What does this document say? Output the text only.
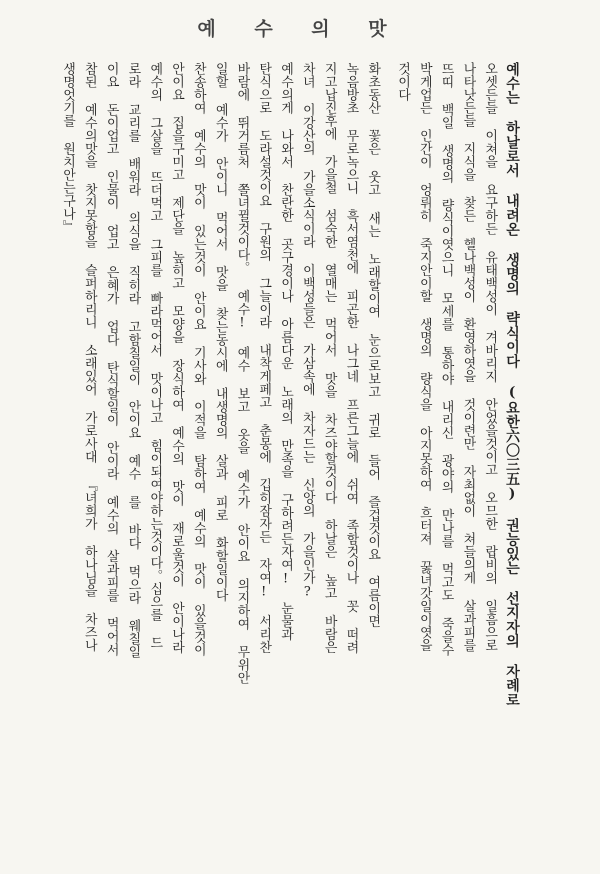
예 수 의 맛
예수는 하날로서 내려온 생명의 략식이다 (요한六〇三五) 권능있는 선지자의 자례로
오셋든들 이쳐을 요구하든 유태백성이 겨바리지 안었을것이고 오므한 랍비의 일흠으로
나타낫든들 지식을 찾든 헬나백성이 환영하엿을 것이련만 자최없이 쳐들의게 살과피를
뜨띠 백일 생명의 량식이엿으니 모세를 통하야 내리신 광야의 만나를 먹고도 죽을수
박게업든 인간이 엉뤼히 죽지안이할 생명의 량식을 아지못하여 흐터져 꿇녀갓일이엿을
것이다
화초동산 꽃은 웃고 새는 노래할이여 눈으로보고 귀로 들어 즐겁것이요 여름이면
녹음방초 무로녹으니 흑서염천에 피곤한 나그네 프른그늘에 쉬여 족함것이나 꼿 떠려
지고납진후에 가을철 섬숙한 열매는 먹어서 맛을 차즈야할것이다 하날은 높고 바람은
차녀 이강산의 가을소식이라 이백성들은 가삼속에 차자드는 신앙의 가을인가?
예수의게 나와서 찬란한 곳구경이나 아름다운 노래의 만족을 구하려든자여! 눈물과
탄식으로 도라설것이요 구원의 그늘이라 내착게페고 춘몽에 깁히잠자든 자여! 서리찬
바람에 뛰거름처 쫄녀뀔것이다。 예수! 예수 보고 옷을 예수가 안이요 의지하여 무위안
일할 예수가 안이니 먹어서 맛을 찾는동시에 내생명의 살과 피로 화할일이다
찬송하여 예수의 맛이 있는것이 안이요 기사와 이적을 탐하여 예수의 맛이 있을것이
안이요 집을구미고 제단을 높히고 모양을 장식하여 예수의 맛이 재로울것이 안이나라
예수의 그살을 뜨더먹고 그피를 빠라먹어서 맛이나고 힘이되여야하는것이다。십으를 드
로라 교리를 배워라 의식을 직히라 고함칠일이 안이요 예수 를 바다 먹으라 웨칠일
이요 돈이업고 인물이 업고 은혜가 업다 탄식할일이 안이라 예수의 살과피를 먹어서
참된 예수의맛을 찻지못함을 슬퍼하리니 소래있어 가로사대 『녀희가 하나님을 차즈나
생명엇기를 원치안는구나』
